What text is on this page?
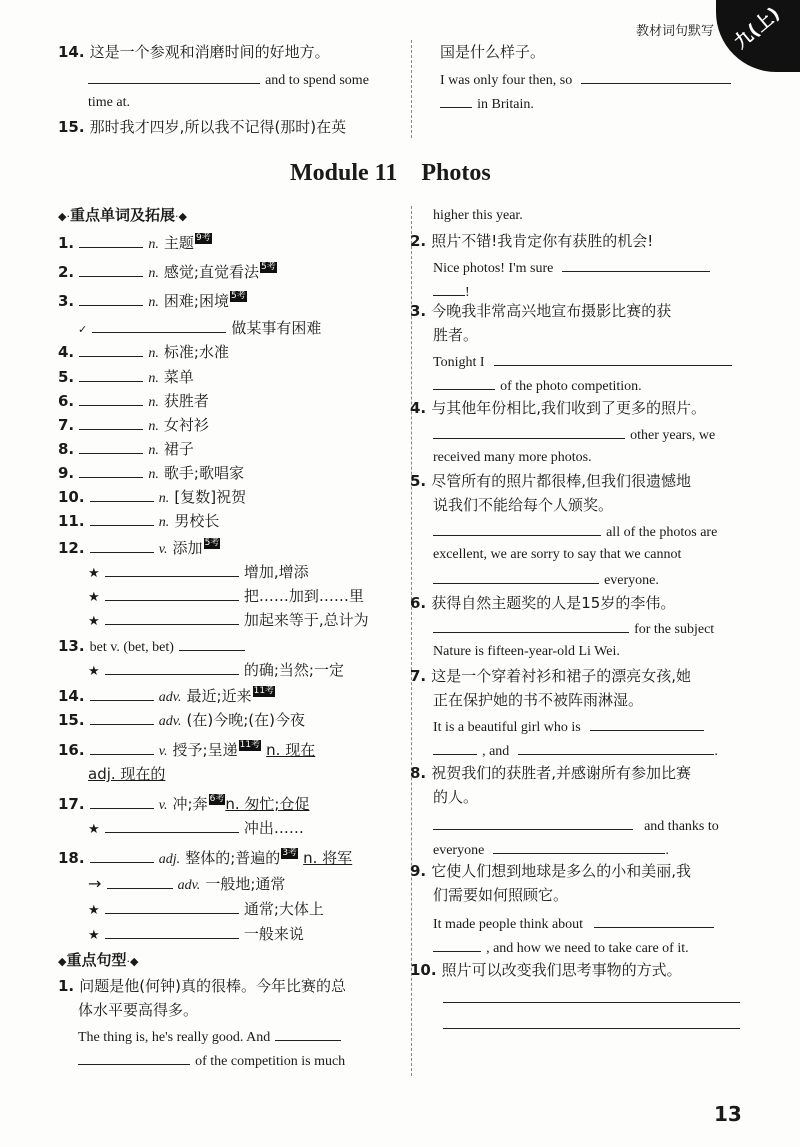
教材词句默写 九(上)
14. 这是一个参观和消磨时间的好地方。
and to spend some
time at.
15. 那时我才四岁,所以我不记得(那时)在英
国是什么样子。
I was only four then, so
in Britain.
Module 11    Photos
◆·重点单词及拓展·◆
1.	n. 主题 9考
2.	n. 感觉;直觉看法 5考
3.	n. 困难;困境 5考
✓	做某事有困难
4.	n. 标准;水准
5.	n. 菜单
6.	n. 获胜者
7.	n. 女衬衫
8.	n. 裙子
9.	n. 歌手;歌唱家
10.	n. [复数]祝贺
11.	n. 男校长
12.	v. 添加 5考
★	增加,增添
★	把……加到……里
★	加起来等于,总计为
13. bet v. (bet, bet)
★	的确;当然;一定
14.	adv. 最近;近来 11考
15.	adv. (在)今晚;(在)今夜
16.	v. 授予;呈递 11考 n. 现在
adj. 现在的
17.	v. 冲;奔 6考n. 匆忙;仓促
★	冲出……
18.	adj. 整体的;普遍的 3考 n. 将军
→	adv. 一般地;通常
★	通常;大体上
★	一般来说
◆重点句型·◆
1. 问题是他(何钟)真的很棒。今年比赛的总
体水平要高得多。
The thing is, he's really good. And
of the competition is much
higher this year.
2. 照片不错!我肯定你有获胜的机会!
Nice photos! I'm sure
!
3. 今晚我非常高兴地宣布摄影比赛的获
胜者。
Tonight I
of the photo competition.
4. 与其他年份相比,我们收到了更多的照片。
other years, we
received many more photos.
5. 尽管所有的照片都很棒,但我们很遗憾地
说我们不能给每个人颁奖。
all of the photos are
excellent, we are sorry to say that we cannot
everyone.
6. 获得自然主题奖的人是15岁的李伟。
for the subject
Nature is fifteen-year-old Li Wei.
7. 这是一个穿着衬衫和裙子的漂亮女孩,她
正在保护她的书不被阵雨淋湿。
It is a beautiful girl who is
, and	.
8. 祝贺我们的获胜者,并感谢所有参加比赛
的人。
and thanks to
everyone	.
9. 它使人们想到地球是多么的小和美丽,我
们需要如何照顾它。
It made people think about
, and how we need to take care of it.
10. 照片可以改变我们思考事物的方式。
13
